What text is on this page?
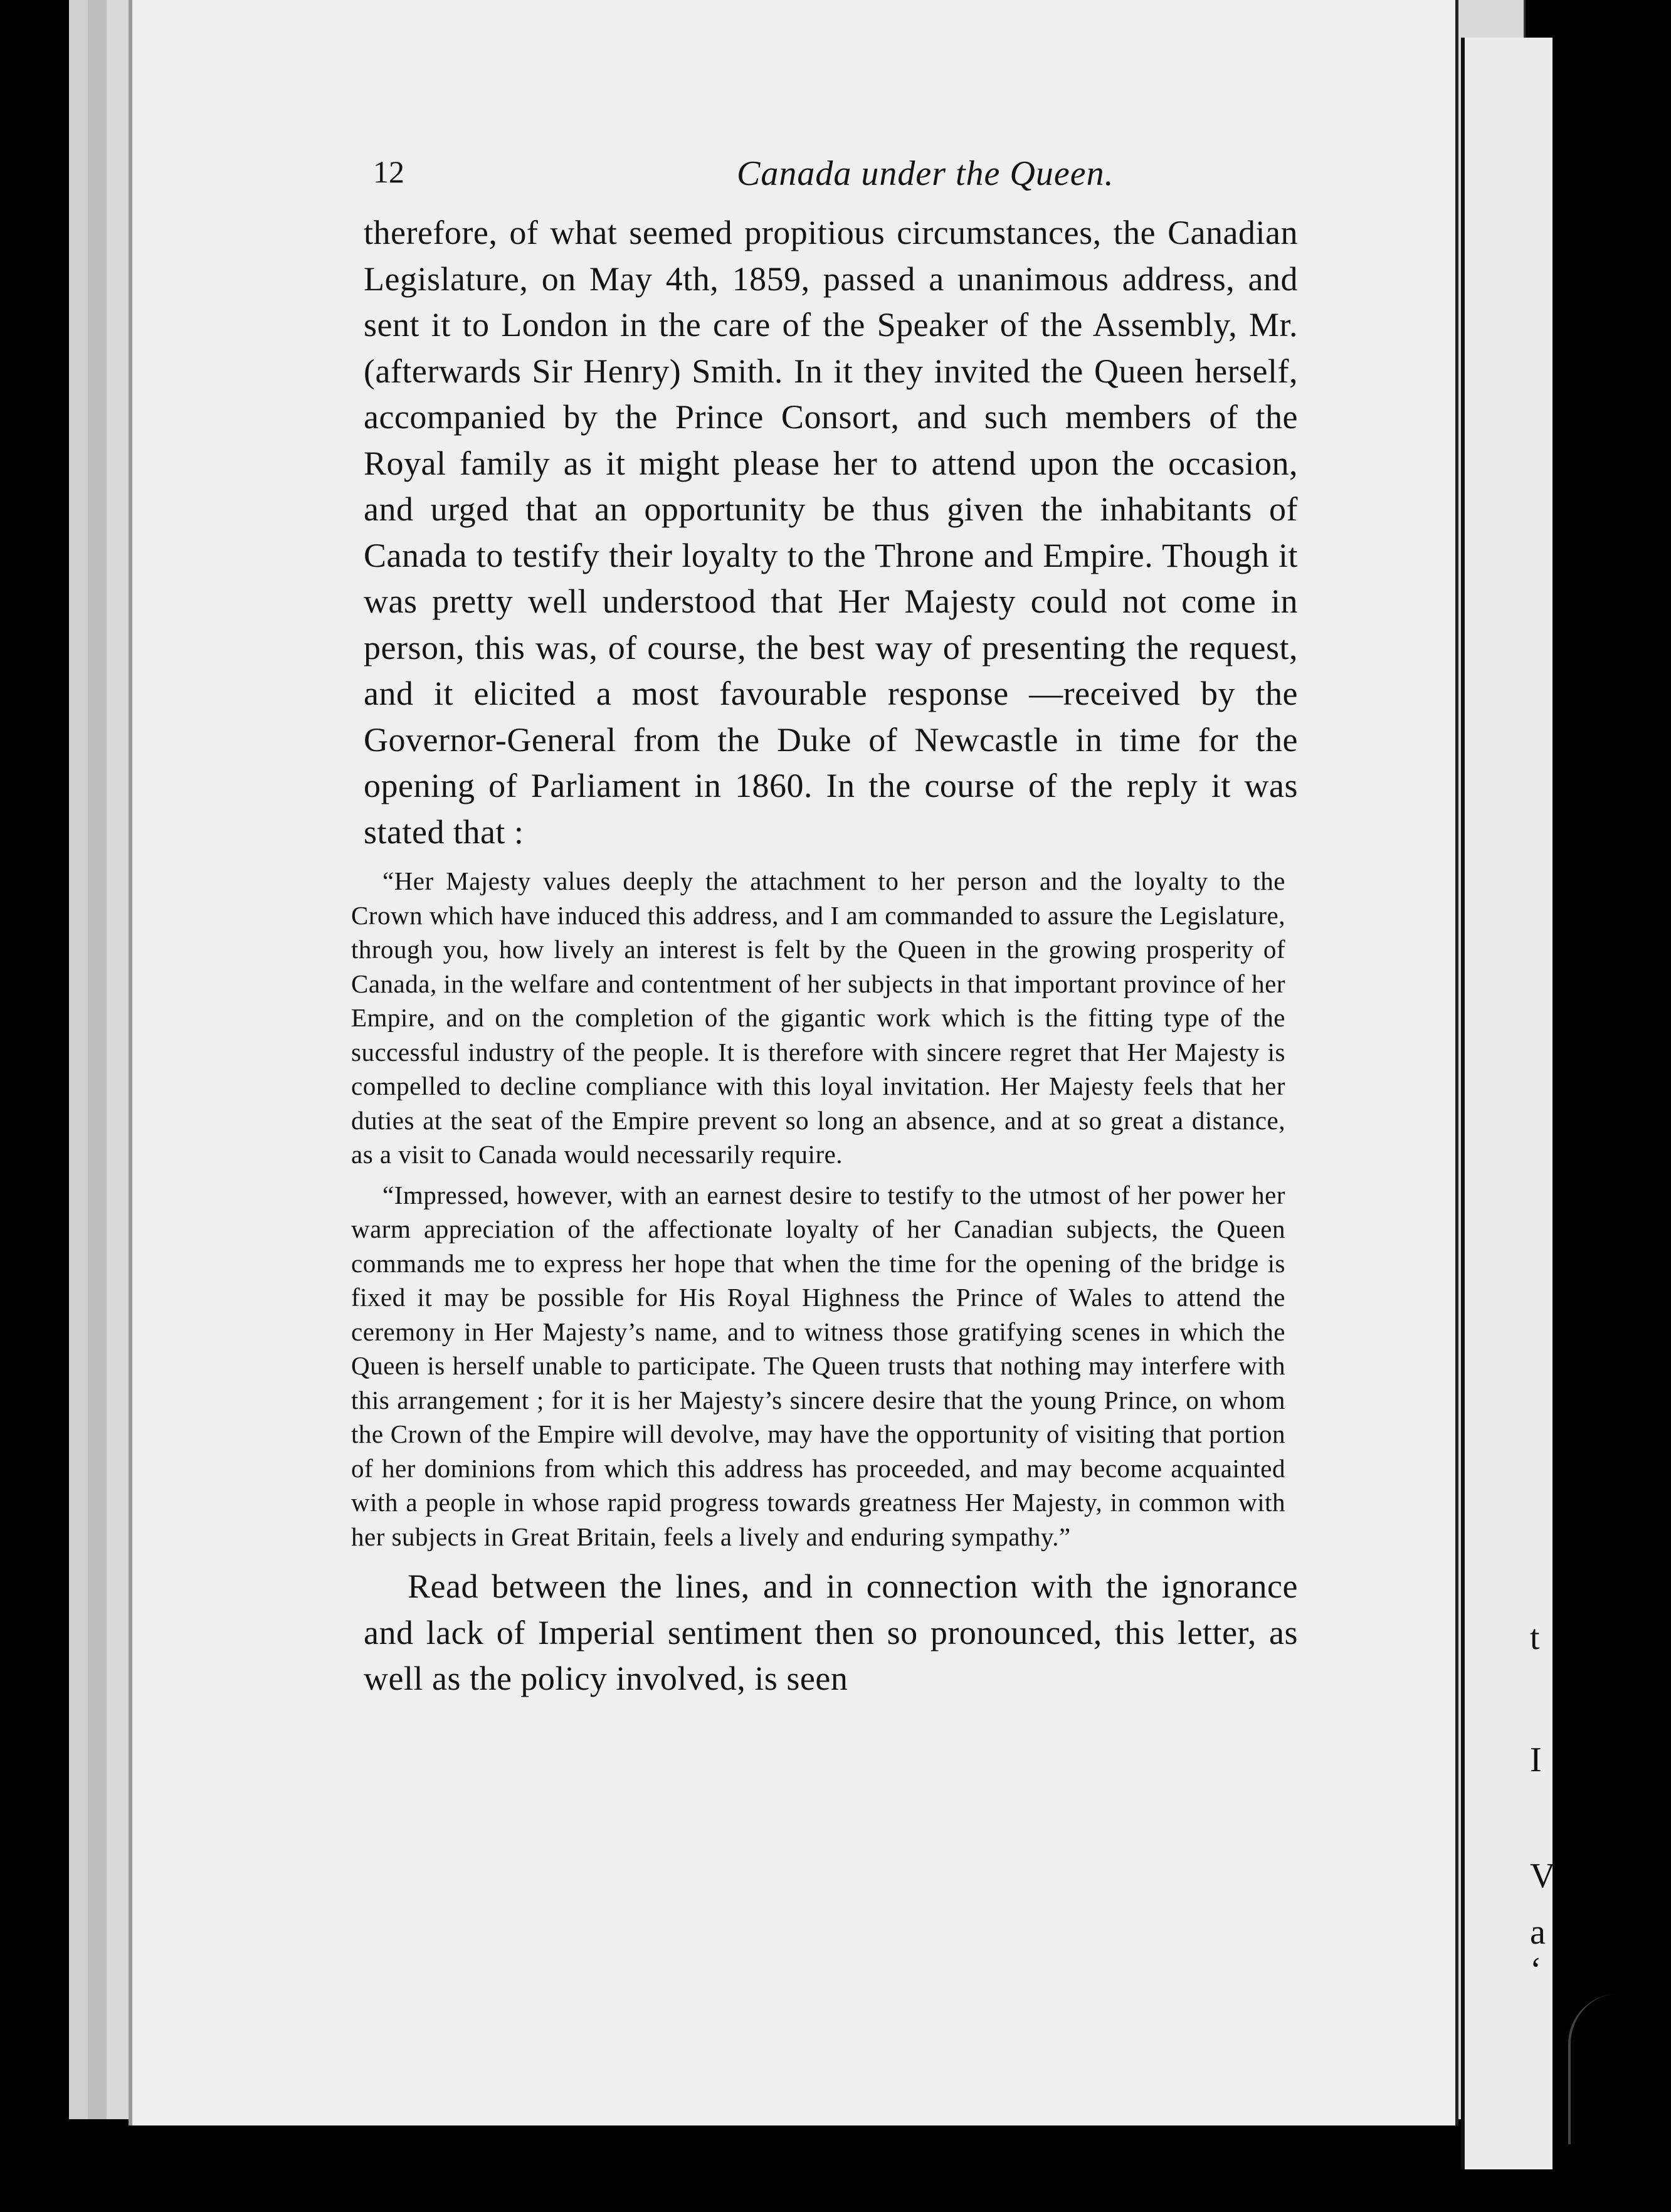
t
I
V
a
‘
12	Canada under the Queen.

therefore, of what seemed propitious circumstances, the Canadian Legislature, on May 4th, 1859, passed a unanimous address, and sent it to London in the care of the Speaker of the Assembly, Mr. (afterwards Sir Henry) Smith. In it they invited the Queen herself, accompanied by the Prince Consort, and such members of the Royal family as it might please her to attend upon the occasion, and urged that an opportunity be thus given the inhabitants of Canada to testify their loyalty to the Throne and Empire. Though it was pretty well understood that Her Majesty could not come in person, this was, of course, the best way of presenting the request, and it elicited a most favourable response —received by the Governor-General from the Duke of Newcastle in time for the opening of Parliament in 1860. In the course of the reply it was stated that :

“Her Majesty values deeply the attachment to her person and the loyalty to the Crown which have induced this address, and I am commanded to assure the Legislature, through you, how lively an interest is felt by the Queen in the growing prosperity of Canada, in the welfare and contentment of her subjects in that important province of her Empire, and on the completion of the gigantic work which is the fitting type of the successful industry of the people. It is therefore with sincere regret that Her Majesty is compelled to decline compliance with this loyal invitation. Her Majesty feels that her duties at the seat of the Empire prevent so long an absence, and at so great a distance, as a visit to Canada would necessarily require.

“Impressed, however, with an earnest desire to testify to the utmost of her power her warm appreciation of the affectionate loyalty of her Canadian subjects, the Queen commands me to express her hope that when the time for the opening of the bridge is fixed it may be possible for His Royal Highness the Prince of Wales to attend the ceremony in Her Majesty’s name, and to witness those gratifying scenes in which the Queen is herself unable to participate. The Queen trusts that nothing may interfere with this arrangement ; for it is her Majesty’s sincere desire that the young Prince, on whom the Crown of the Empire will devolve, may have the opportunity of visiting that portion of her dominions from which this address has proceeded, and may become acquainted with a people in whose rapid progress towards greatness Her Majesty, in common with her subjects in Great Britain, feels a lively and enduring sympathy.”

Read between the lines, and in connection with the ignorance and lack of Imperial sentiment then so pronounced, this letter, as well as the policy involved, is seen
